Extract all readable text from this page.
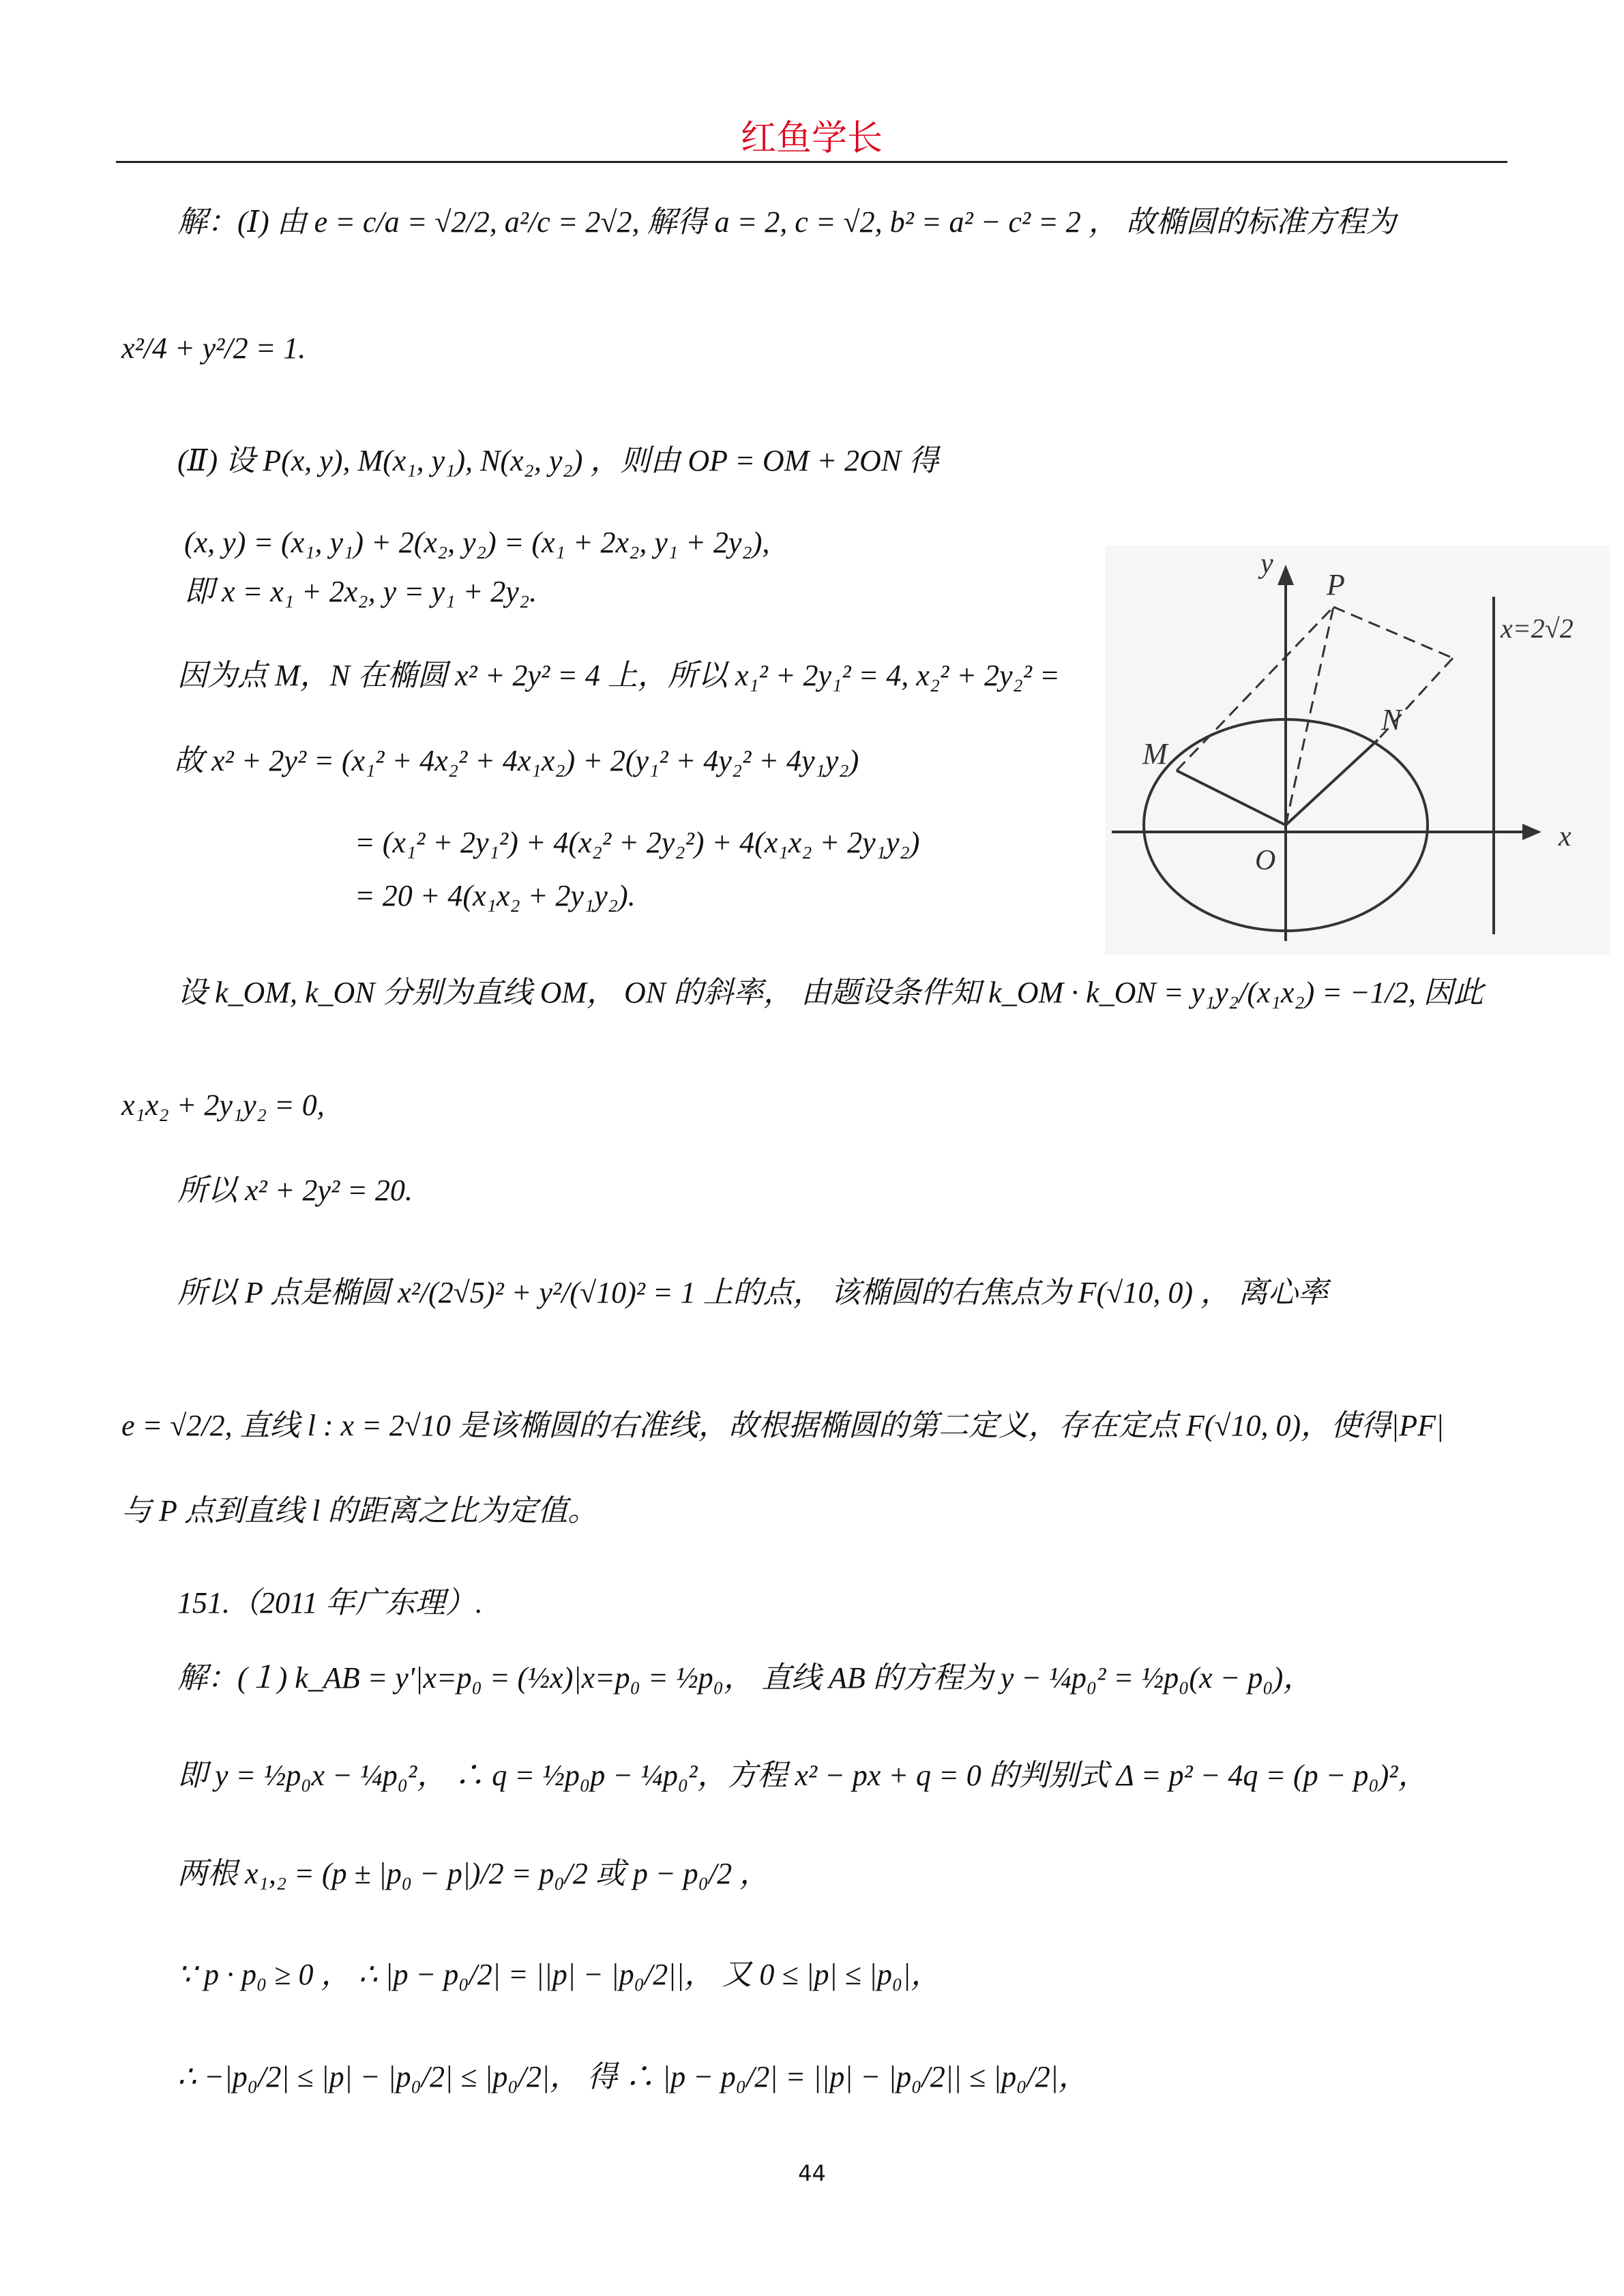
红鱼学长
解：(Ⅰ) 由 e = c/a = √2/2, a²/c = 2√2, 解得 a = 2, c = √2, b² = a² − c² = 2 ， 故椭圆的标准方程为
x²/4 + y²/2 = 1.
(Ⅱ) 设 P(x, y), M(x₁, y₁), N(x₂, y₂) ，则由 OP = OM + 2ON 得
(x, y) = (x₁, y₁) + 2(x₂, y₂) = (x₁ + 2x₂, y₁ + 2y₂),
即 x = x₁ + 2x₂, y = y₁ + 2y₂.
因为点 M，N 在椭圆 x² + 2y² = 4 上，所以 x₁² + 2y₁² = 4, x₂² + 2y₂² =
故 x² + 2y² = (x₁² + 4x₂² + 4x₁x₂) + 2(y₁² + 4y₂² + 4y₁y₂)
= (x₁² + 2y₁²) + 4(x₂² + 2y₂²) + 4(x₁x₂ + 2y₁y₂)
= 20 + 4(x₁x₂ + 2y₁y₂).
设 k_OM, k_ON 分别为直线 OM， ON 的斜率， 由题设条件知 k_OM · k_ON = y₁y₂/(x₁x₂) = −1/2, 因此
x₁x₂ + 2y₁y₂ = 0,
所以 x² + 2y² = 20.
所以 P 点是椭圆 x²/(2√5)² + y²/(√10)² = 1 上的点， 该椭圆的右焦点为 F(√10, 0) ， 离心率
e = √2/2, 直线 l : x = 2√10 是该椭圆的右准线，故根据椭圆的第二定义，存在定点 F(√10, 0)，使得|PF|
与 P 点到直线 l 的距离之比为定值。
151.（2011 年广东理）.
解：(１) k_AB = y'|x=p₀ = (½x)|x=p₀ = ½p₀， 直线 AB 的方程为 y − ¼p₀² = ½p₀(x − p₀)，
即 y = ½p₀x − ¼p₀²， ∴ q = ½p₀p − ¼p₀²，方程 x² − px + q = 0 的判别式 Δ = p² − 4q = (p − p₀)²，
两根 x₁,₂ = (p ± |p₀ − p|)/2 = p₀/2 或 p − p₀/2 ，
∵ p · p₀ ≥ 0 ， ∴ |p − p₀/2| = ||p| − |p₀/2||， 又 0 ≤ |p| ≤ |p₀|，
∴ −|p₀/2| ≤ |p| − |p₀/2| ≤ |p₀/2|， 得 ∴ |p − p₀/2| = ||p| − |p₀/2|| ≤ |p₀/2|，
y
x
P
M
N
O
x=2√2
44
